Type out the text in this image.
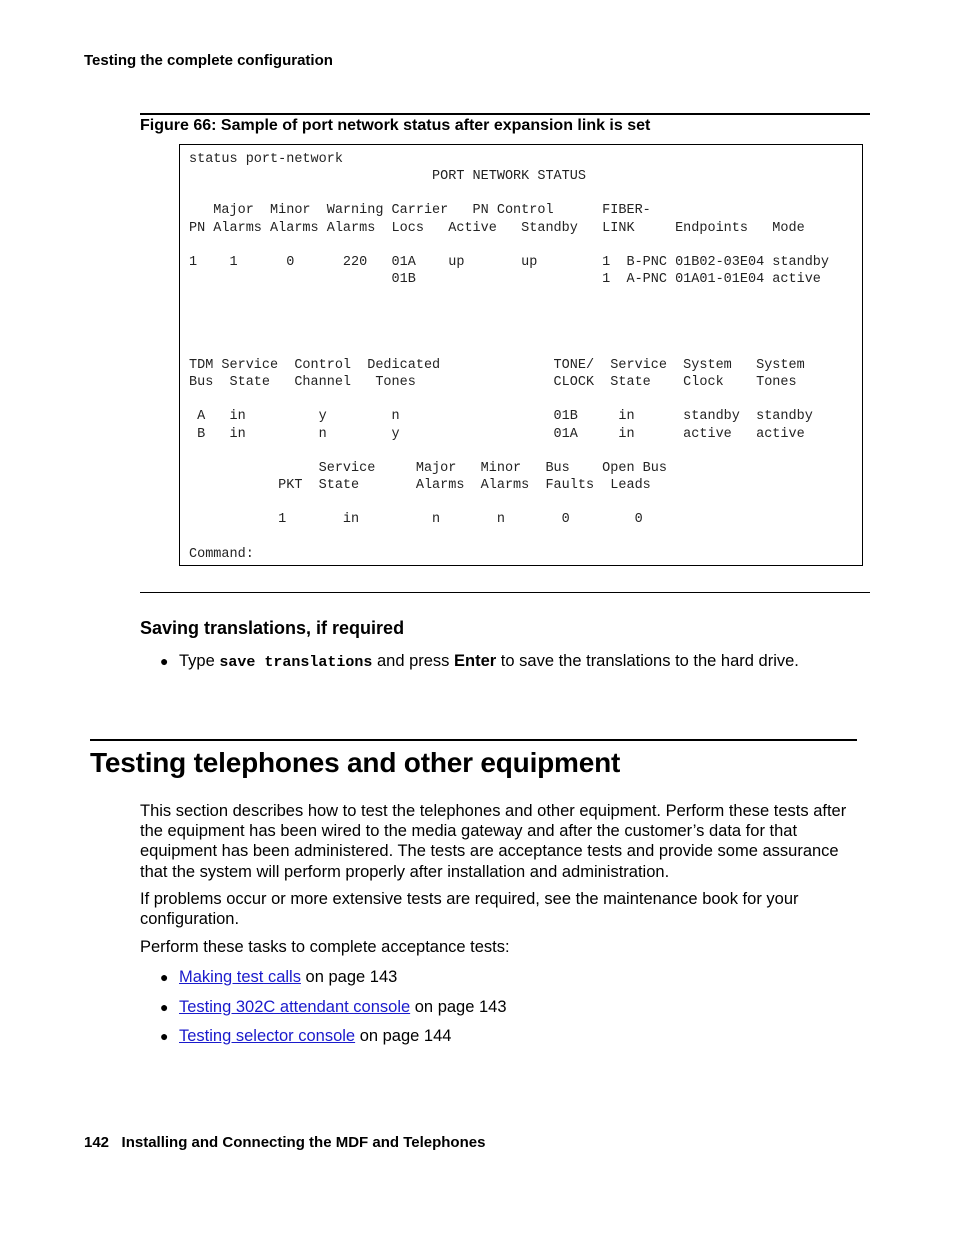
Testing the complete configuration
Figure 66: Sample of port network status after expansion link is set
status port-network
PORT NETWORK STATUS

Major  Minor  Warning Carrier   PN Control      FIBER-
PN Alarms Alarms Alarms  Locs   Active   Standby   LINK     Endpoints   Mode

1    1      0      220   01A    up       up        1  B-PNC 01B02-03E04 standby
01B                       1  A-PNC 01A01-01E04 active

TDM Service  Control  Dedicated              TONE/  Service  System   System
Bus  State   Channel   Tones                 CLOCK  State    Clock    Tones

A   in         y        n                   01B     in      standby  standby
B   in         n        y                   01A     in      active   active

Service     Major   Minor   Bus    Open Bus
PKT  State       Alarms  Alarms  Faults  Leads

1       in         n       n       0        0

Command:
Saving translations, if required
● Type save translations and press Enter to save the translations to the hard drive.
Testing telephones and other equipment
This section describes how to test the telephones and other equipment. Perform these tests after the equipment has been wired to the media gateway and after the customer’s data for that equipment has been administered. The tests are acceptance tests and provide some assurance that the system will perform properly after installation and administration.
If problems occur or more extensive tests are required, see the maintenance book for your configuration.
Perform these tasks to complete acceptance tests:
● Making test calls on page 143
● Testing 302C attendant console on page 143
● Testing selector console on page 144
142 Installing and Connecting the MDF and Telephones
